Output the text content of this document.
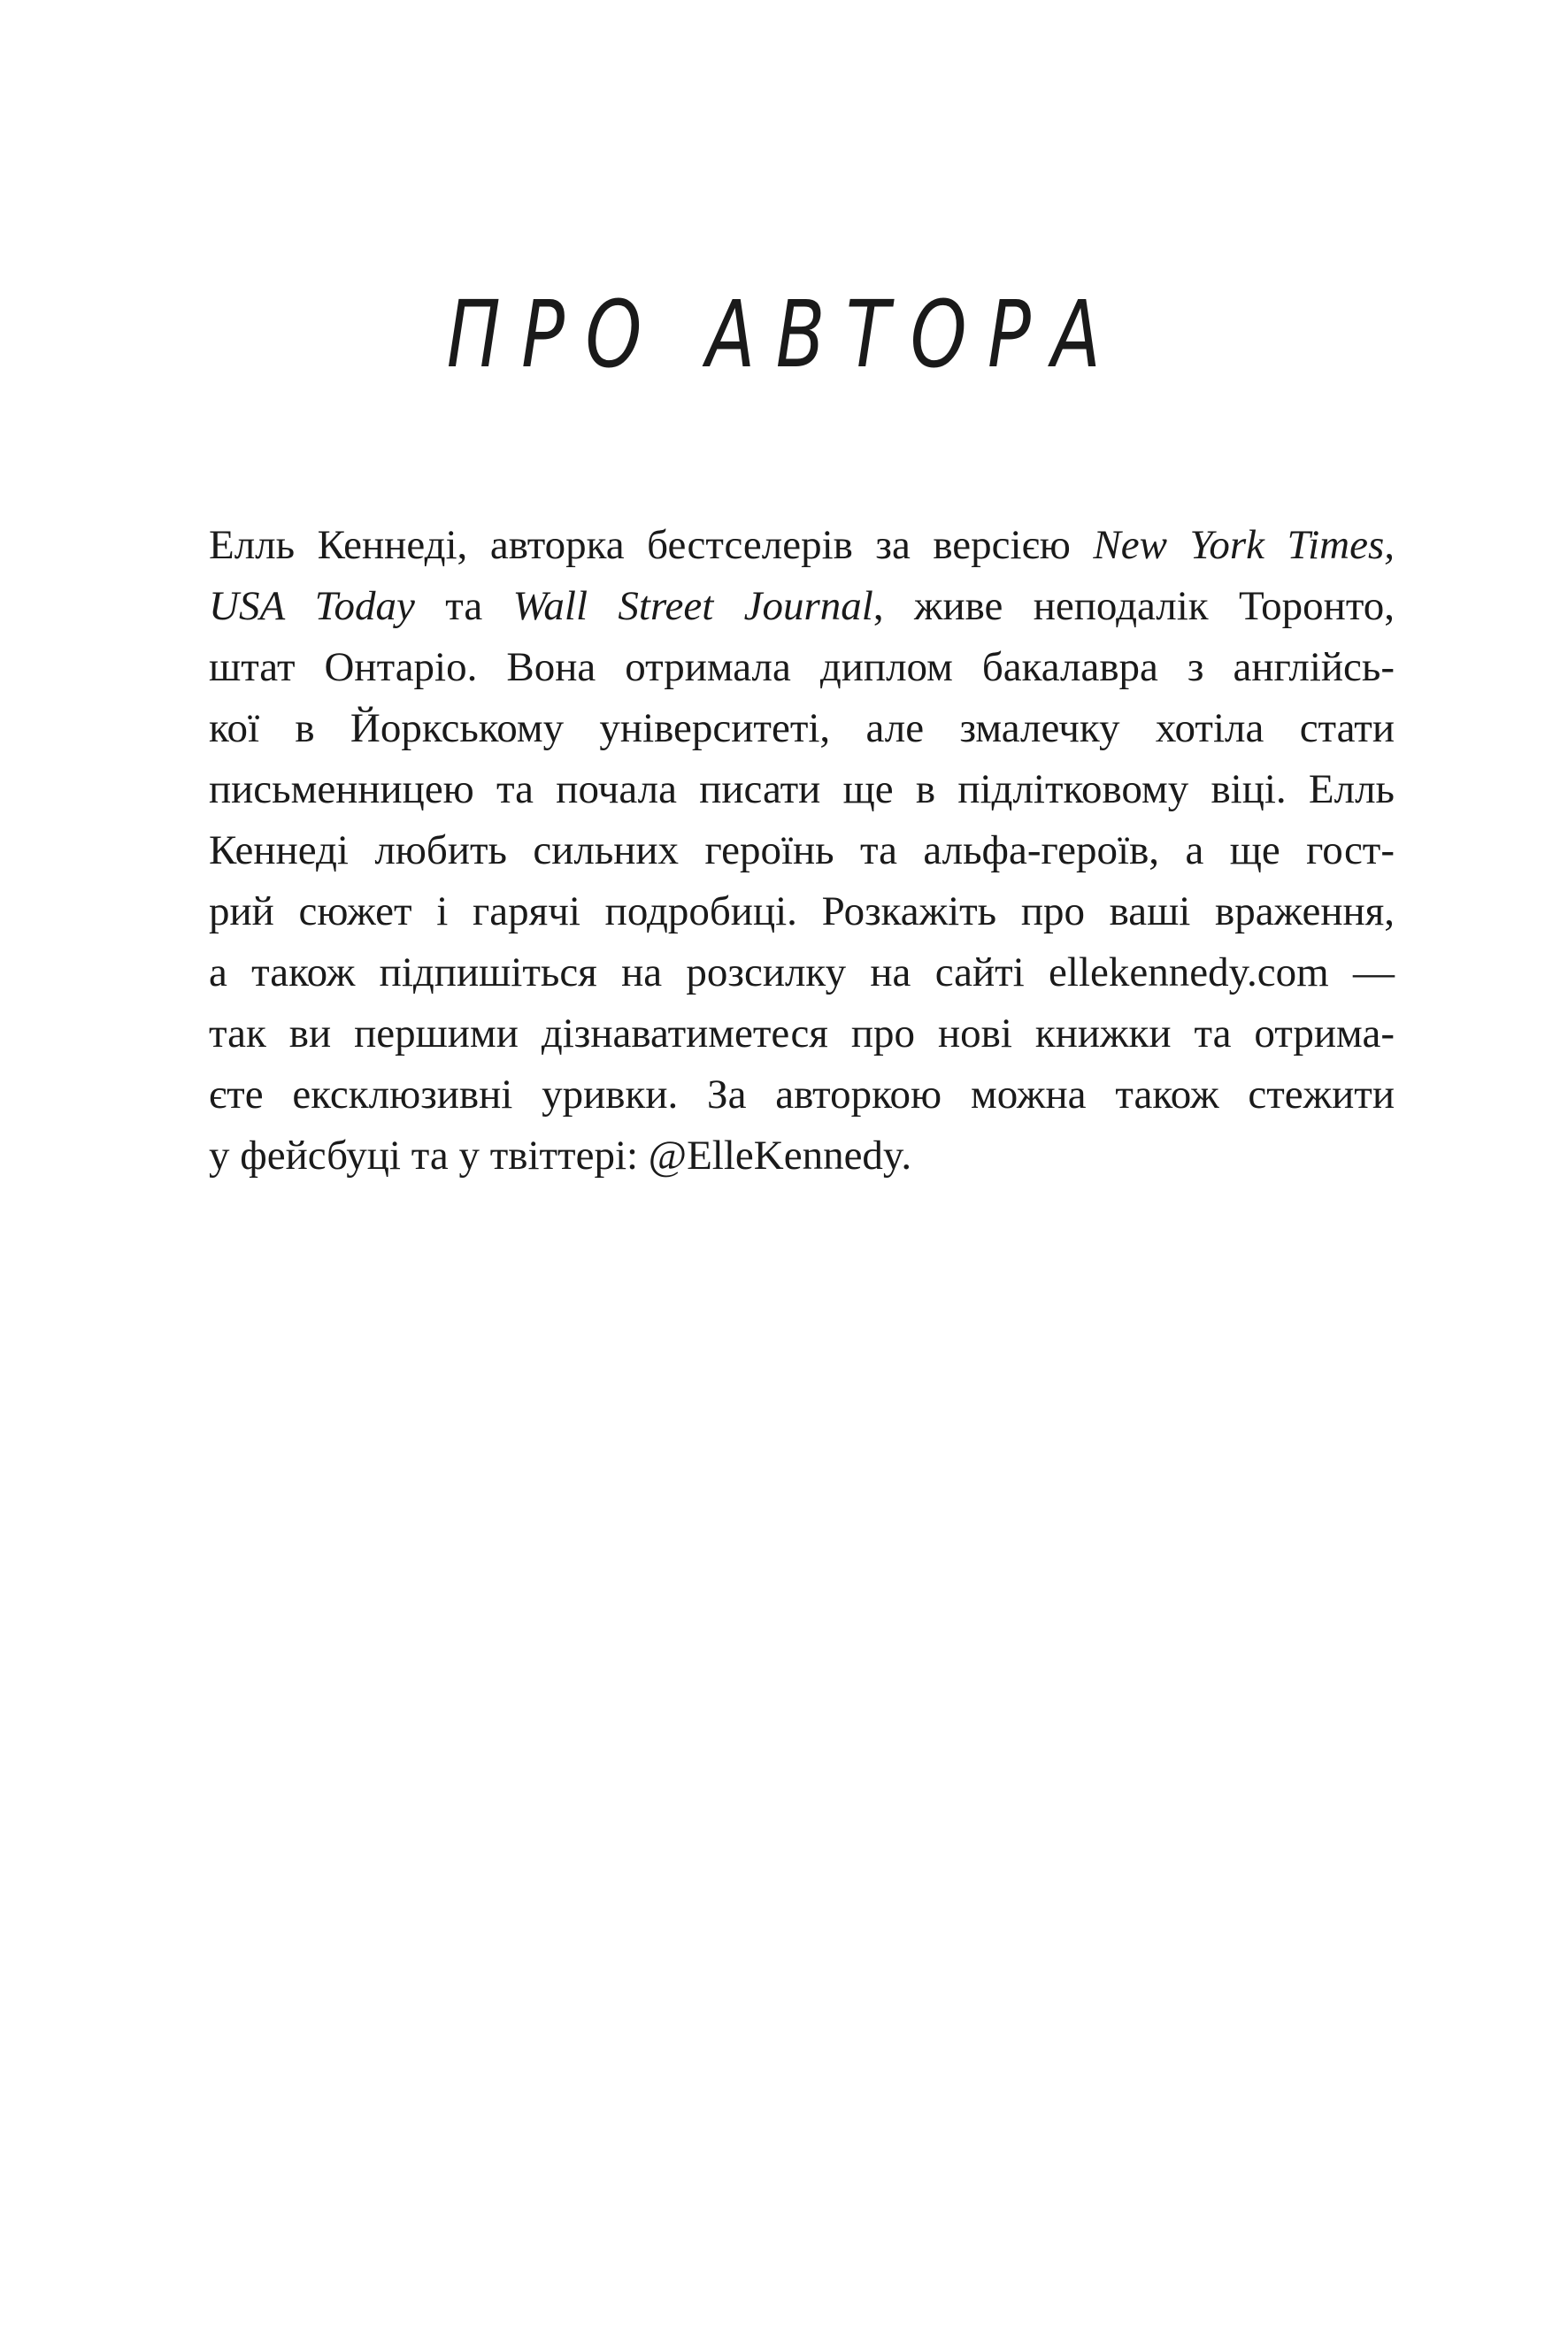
ПРО АВТОРА
Елль Кеннеді, авторка бестселерів за версією New York Times,
USA Today та Wall Street Journal, живе неподалік Торонто,
штат Онтаріо. Вона отримала диплом бакалавра з англійсь-
кої в Йоркському університеті, але змалечку хотіла стати
письменницею та почала писати ще в підлітковому віці. Елль
Кеннеді любить сильних героїнь та альфа-героїв, а ще гост-
рий сюжет і гарячі подробиці. Розкажіть про ваші враження,
а також підпишіться на розсилку на сайті ellekennedy.com —
так ви першими дізнаватиметеся про нові книжки та отрима-
єте ексклюзивні уривки. За авторкою можна також стежити
у фейсбуці та у твіттері: @ElleKennedy.
